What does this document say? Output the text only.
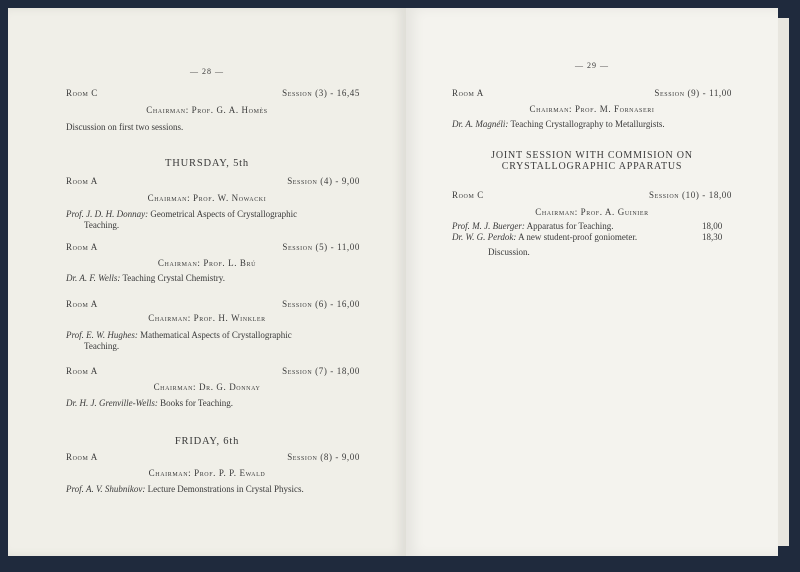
— 28 —
Room C	Session (3) - 16,45
Chairman: Prof. G. A. Homès
Discussion on first two sessions.
THURSDAY, 5th
Room A	Session (4) - 9,00
Chairman: Prof. W. Nowacki
Prof. J. D. H. Donnay: Geometrical Aspects of Crystallographic
Teaching.
Room A	Session (5) - 11,00
Chairman: Prof. L. Brú
Dr. A. F. Wells: Teaching Crystal Chemistry.
Room A	Session (6) - 16,00
Chairman: Prof. H. Winkler
Prof. E. W. Hughes: Mathematical Aspects of Crystallographic
Teaching.
Room A	Session (7) - 18,00
Chairman: Dr. G. Donnay
Dr. H. J. Grenville-Wells: Books for Teaching.
FRIDAY, 6th
Room A	Session (8) - 9,00
Chairman: Prof. P. P. Ewald
Prof. A. V. Shubnikov: Lecture Demonstrations in Crystal Physics.
— 29 —
Room A	Session (9) - 11,00
Chairman: Prof. M. Fornaseri
Dr. A. Magnéli: Teaching Crystallography to Metallurgists.
JOINT SESSION WITH COMMISION ON
CRYSTALLOGRAPHIC APPARATUS
Room C	Session (10) - 18,00
Chairman: Prof. A. Guinier
Prof. M. J. Buerger: Apparatus for Teaching.	18,00
Dr. W. G. Perdok: A new student-proof goniometer.	18,30
Discussion.
